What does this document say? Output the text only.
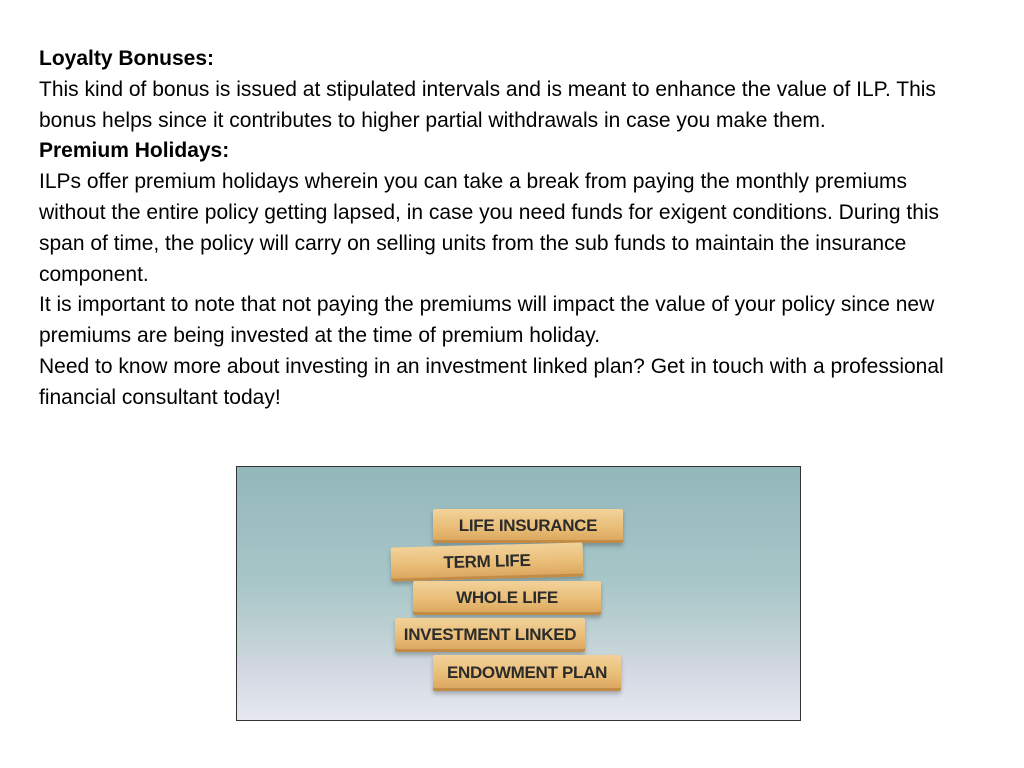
Loyalty Bonuses:

This kind of bonus is issued at stipulated intervals and is meant to enhance the value of ILP. This bonus helps since it contributes to higher partial withdrawals in case you make them.

Premium Holidays:

ILPs offer premium holidays wherein you can take a break from paying the monthly premiums without the entire policy getting lapsed, in case you need funds for exigent conditions. During this span of time, the policy will carry on selling units from the sub funds to maintain the insurance component.

It is important to note that not paying the premiums will impact the value of your policy since new premiums are being invested at the time of premium holiday.

Need to know more about investing in an investment linked plan? Get in touch with a professional financial consultant today!

LIFE INSURANCE
TERM LIFE
WHOLE LIFE
INVESTMENT LINKED
ENDOWMENT PLAN
